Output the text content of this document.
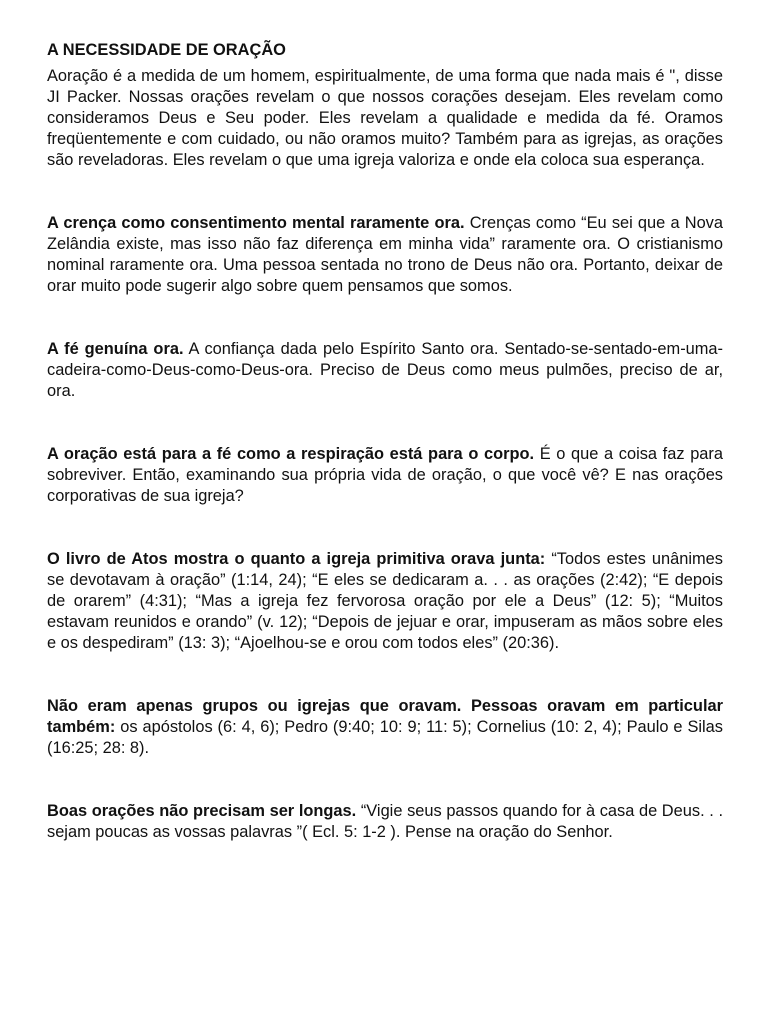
A NECESSIDADE DE ORAÇÃO

Aoração é a medida de um homem, espiritualmente, de uma forma que nada mais é ", disse JI Packer. Nossas orações revelam o que nossos corações desejam. Eles revelam como consideramos Deus e Seu poder. Eles revelam a qualidade e medida da fé. Oramos freqüentemente e com cuidado, ou não oramos muito? Também para as igrejas, as orações são reveladoras. Eles revelam o que uma igreja valoriza e onde ela coloca sua esperança.

A crença como consentimento mental raramente ora. Crenças como “Eu sei que a Nova Zelândia existe, mas isso não faz diferença em minha vida” raramente ora. O cristianismo nominal raramente ora. Uma pessoa sentada no trono de Deus não ora. Portanto, deixar de orar muito pode sugerir algo sobre quem pensamos que somos.

A fé genuína ora. A confiança dada pelo Espírito Santo ora. Sentado-se-sentado-em-uma-cadeira-como-Deus-como-Deus-ora. Preciso de Deus como meus pulmões, preciso de ar, ora.

A oração está para a fé como a respiração está para o corpo. É o que a coisa faz para sobreviver. Então, examinando sua própria vida de oração, o que você vê? E nas orações corporativas de sua igreja?

O livro de Atos mostra o quanto a igreja primitiva orava junta: “Todos estes unânimes se devotavam à oração” (1:14, 24); “E eles se dedicaram a. . . as orações (2:42); “E depois de orarem” (4:31); “Mas a igreja fez fervorosa oração por ele a Deus” (12: 5); “Muitos estavam reunidos e orando” (v. 12); “Depois de jejuar e orar, impuseram as mãos sobre eles e os despediram” (13: 3); “Ajoelhou-se e orou com todos eles” (20:36).

Não eram apenas grupos ou igrejas que oravam. Pessoas oravam em particular também: os apóstolos (6: 4, 6); Pedro (9:40; 10: 9; 11: 5); Cornelius (10: 2, 4); Paulo e Silas (16:25; 28: 8).

Boas orações não precisam ser longas. “Vigie seus passos quando for à casa de Deus. . . sejam poucas as vossas palavras ”( Ecl. 5: 1-2 ). Pense na oração do Senhor.
